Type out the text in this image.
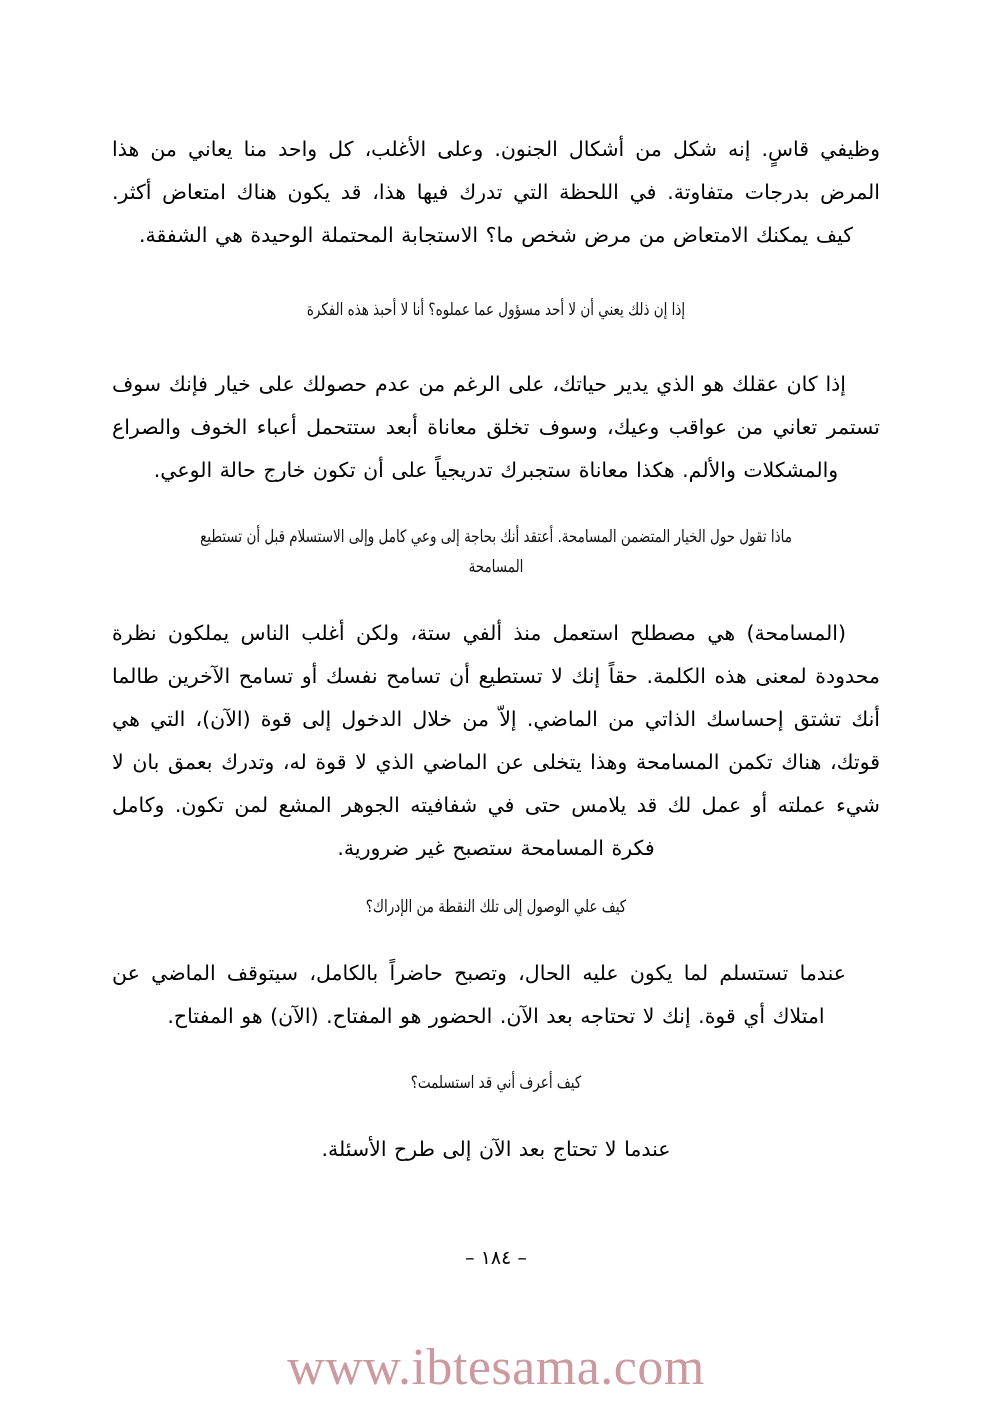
وظيفي قاسٍ. إنه شكل من أشكال الجنون. وعلى الأغلب، كل واحد منا يعاني من هذا المرض بدرجات متفاوتة. في اللحظة التي تدرك فيها هذا، قد يكون هناك امتعاض أكثر. كيف يمكنك الامتعاض من مرض شخص ما؟ الاستجابة المحتملة الوحيدة هي الشفقة.

إذا إن ذلك يعني أن لا أحد مسؤول عما عملوه؟ أنا لا أحبذ هذه الفكرة

إذا كان عقلك هو الذي يدير حياتك، على الرغم من عدم حصولك على خيار فإنك سوف تستمر تعاني من عواقب وعيك، وسوف تخلق معاناة أبعد ستتحمل أعباء الخوف والصراع والمشكلات والألم. هكذا معاناة ستجبرك تدريجياً على أن تكون خارج حالة الوعي.

ماذا تقول حول الخيار المتضمن المسامحة. أعتقد أنك بحاجة إلى وعي كامل وإلى الاستسلام قبل أن تستطيع المسامحة

(المسامحة) هي مصطلح استعمل منذ ألفي ستة، ولكن أغلب الناس يملكون نظرة محدودة لمعنى هذه الكلمة. حقاً إنك لا تستطيع أن تسامح نفسك أو تسامح الآخرين طالما أنك تشتق إحساسك الذاتي من الماضي. إلاّ من خلال الدخول إلى قوة (الآن)، التي هي قوتك، هناك تكمن المسامحة وهذا يتخلى عن الماضي الذي لا قوة له، وتدرك بعمق بان لا شيء عملته أو عمل لك قد يلامس حتى في شفافيته الجوهر المشع لمن تكون. وكامل فكرة المسامحة ستصبح غير ضرورية.

كيف علي الوصول إلى تلك النقطة من الإدراك؟

عندما تستسلم لما يكون عليه الحال، وتصبح حاضراً بالكامل، سيتوقف الماضي عن امتلاك أي قوة. إنك لا تحتاجه بعد الآن. الحضور هو المفتاح. (الآن) هو المفتاح.

كيف أعرف أني قد استسلمت؟

عندما لا تحتاج بعد الآن إلى طرح الأسئلة.

– ١٨٤ –
www.ibtesama.com
